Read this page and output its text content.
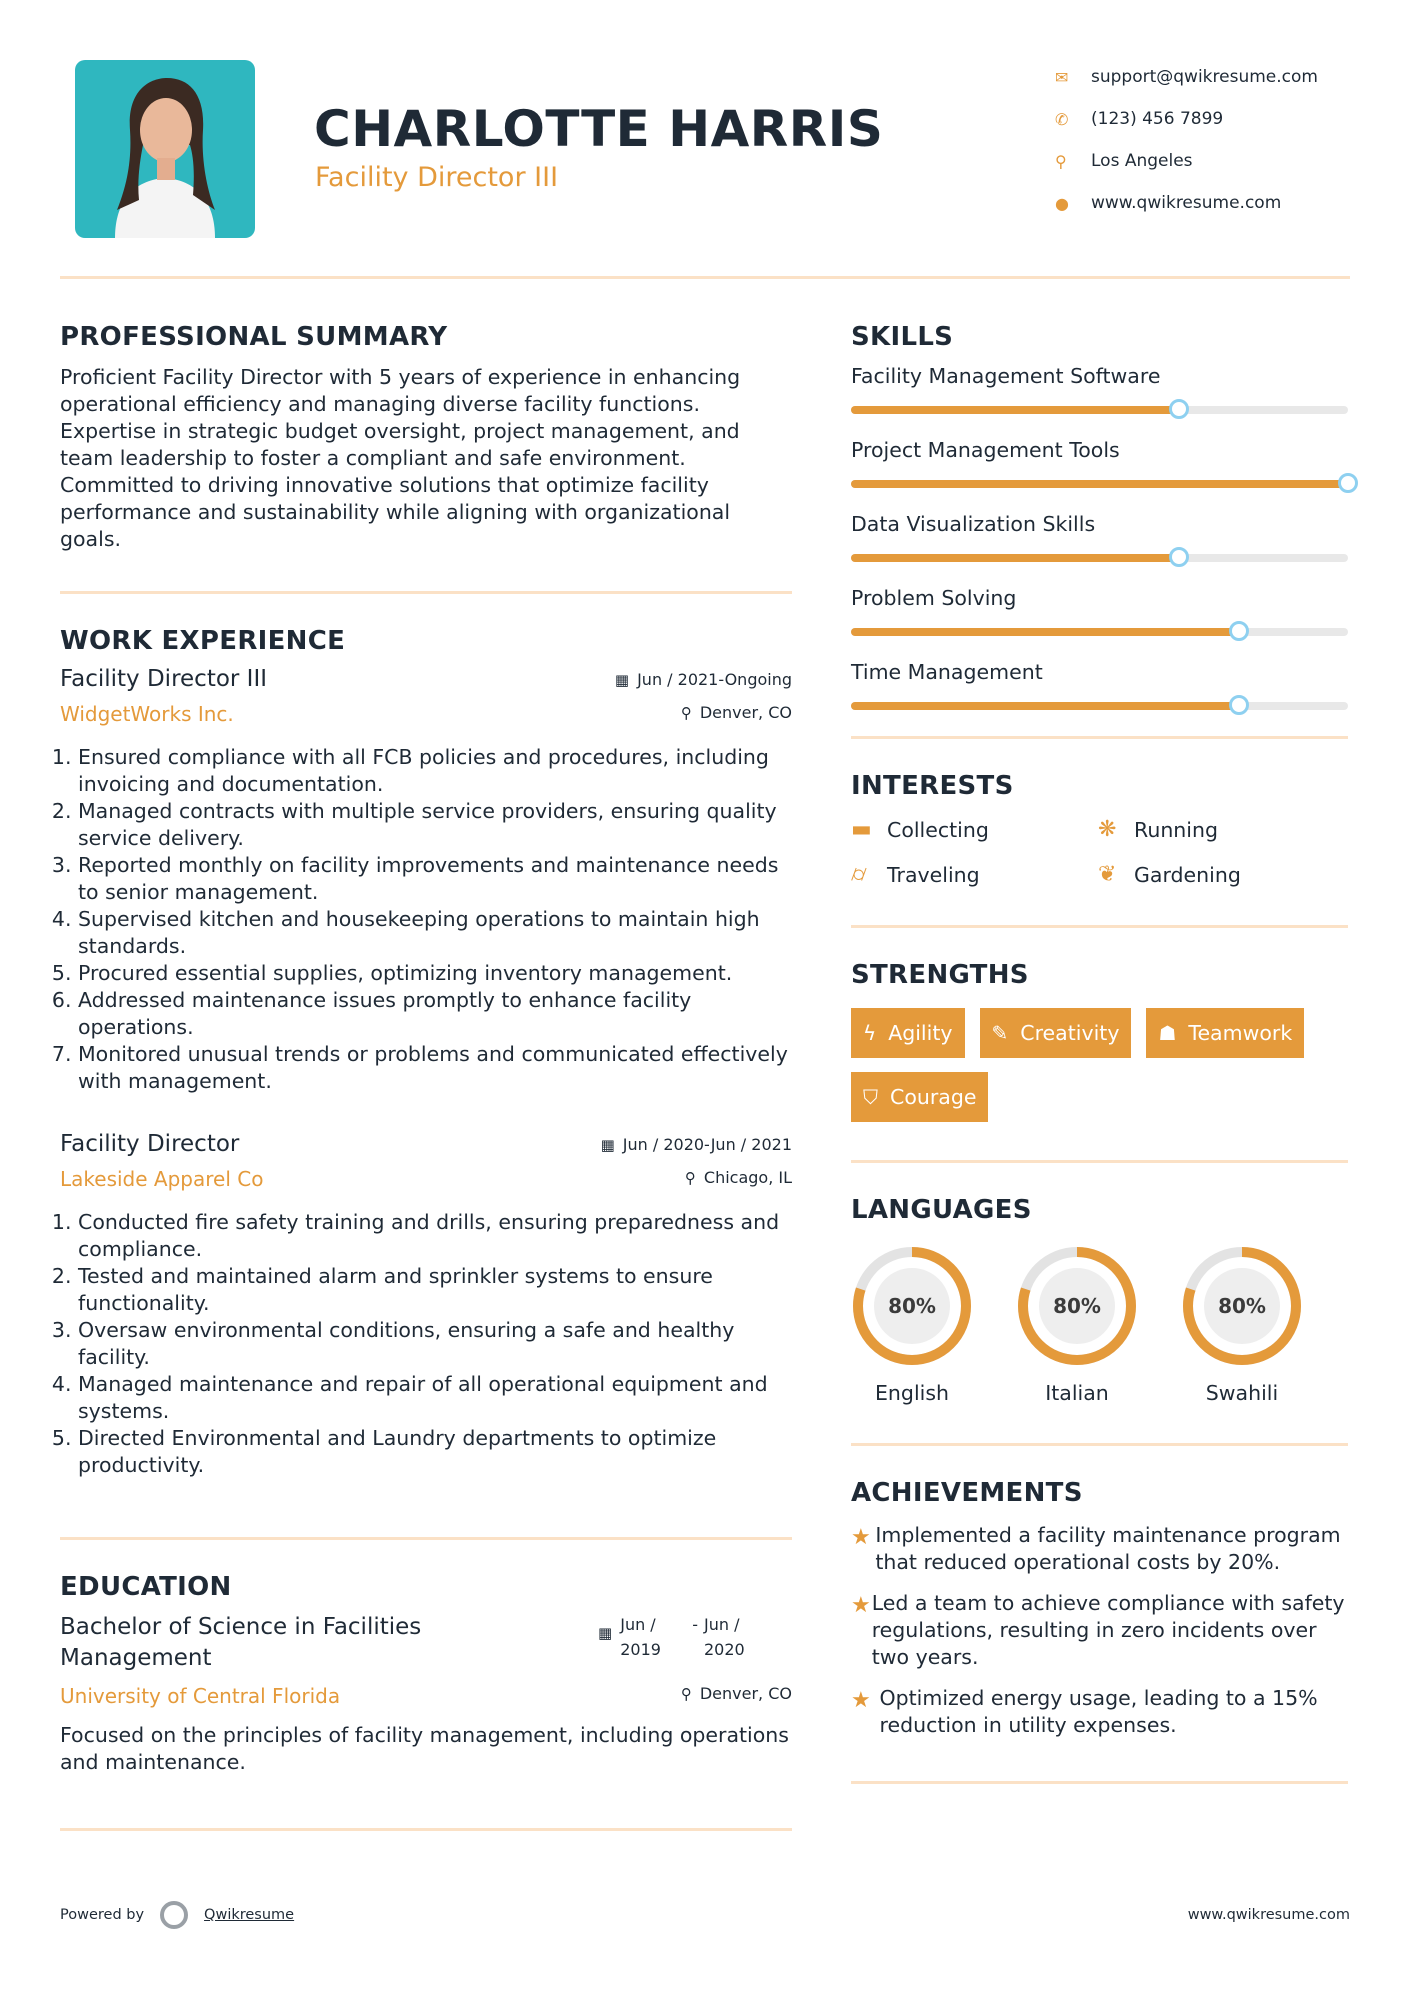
CHARLOTTE HARRIS
Facility Director III
✉	support@qwikresume.com
✆	(123) 456 7899
⚲	Los Angeles
●	www.qwikresume.com
PROFESSIONAL SUMMARY
Proficient Facility Director with 5 years of experience in enhancing operational efficiency and managing diverse facility functions. Expertise in strategic budget oversight, project management, and team leadership to foster a compliant and safe environment. Committed to driving innovative solutions that optimize facility performance and sustainability while aligning with organizational goals.
WORK EXPERIENCE
Facility Director III
WidgetWorks Inc.
▦ Jun / 2021-Ongoing
⚲ Denver, CO
1. Ensured compliance with all FCB policies and procedures, including invoicing and documentation.
2. Managed contracts with multiple service providers, ensuring quality service delivery.
3. Reported monthly on facility improvements and maintenance needs to senior management.
4. Supervised kitchen and housekeeping operations to maintain high standards.
5. Procured essential supplies, optimizing inventory management.
6. Addressed maintenance issues promptly to enhance facility operations.
7. Monitored unusual trends or problems and communicated effectively with management.
Facility Director
Lakeside Apparel Co
▦ Jun / 2020-Jun / 2021
⚲ Chicago, IL
1. Conducted fire safety training and drills, ensuring preparedness and compliance.
2. Tested and maintained alarm and sprinkler systems to ensure functionality.
3. Oversaw environmental conditions, ensuring a safe and healthy facility.
4. Managed maintenance and repair of all operational equipment and systems.
5. Directed Environmental and Laundry departments to optimize productivity.
EDUCATION
Bachelor of Science in Facilities Management
University of Central Florida
▦ Jun / 2019
- Jun / 2020
⚲ Denver, CO
Focused on the principles of facility management, including operations and maintenance.
SKILLS
Facility Management Software
Project Management Tools
Data Visualization Skills
Problem Solving
Time Management
INTERESTS
▬ Collecting	❋ Running
⌭ Traveling	❦ Gardening
STRENGTHS
ϟ Agility ✎ Creativity ☗ Teamwork
⛉ Courage
LANGUAGES
80%
English
80%
Italian
80%
Swahili
ACHIEVEMENTS
★ Implemented a facility maintenance program that reduced operational costs by 20%.
★ Led a team to achieve compliance with safety regulations, resulting in zero incidents over two years.
★ Optimized energy usage, leading to a 15% reduction in utility expenses.
Powered by	Qwikresume	www.qwikresume.com
